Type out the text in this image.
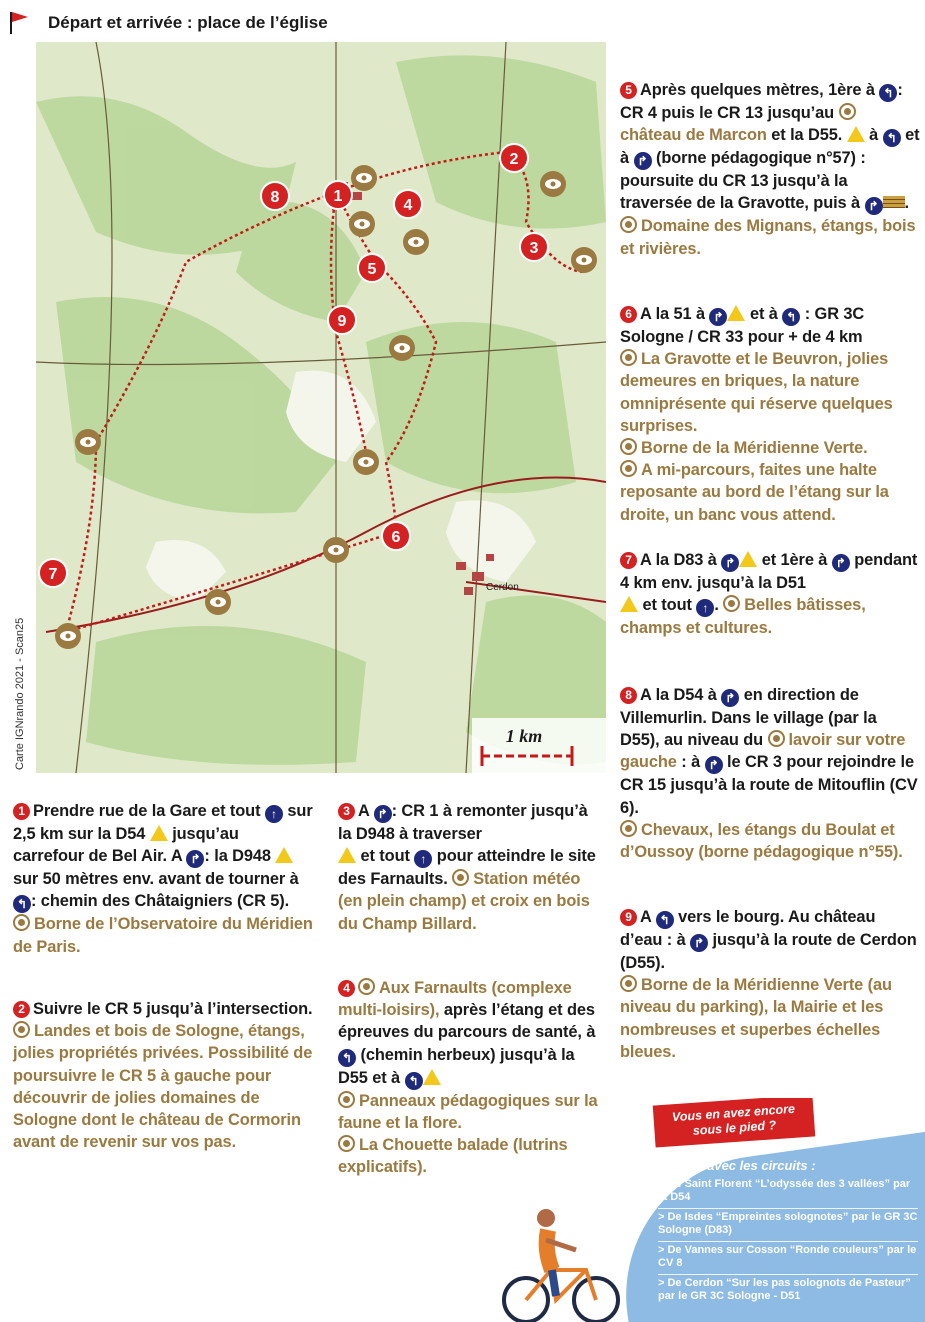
Départ et arrivée : place de l’église
Cerdon
1
2
3
4
5
6
7
8
9
1 km
Carte IGNrando 2021 - Scan25
1 Prendre rue de la Gare et tout ↑ sur 2,5 km sur la D54 jusqu’au carrefour de Bel Air. A ↱ : la D948  sur 50 mètres env. avant de tourner à ↰ : chemin des Châtaigniers (CR 5).
Borne de l’Observatoire du Méridien de Paris.
2 Suivre le CR 5 jusqu’à l’intersection. Landes et bois de Sologne, étangs, jolies propriétés privées. Possibilité de poursuivre le CR 5 à gauche pour découvrir de jolies domaines de Sologne dont le château de Cormorin avant de revenir sur vos pas.
3 A ↱ : CR 1 à remonter jusqu’à la D948 à traverser
et tout ↑ pour atteindre le site des Farnaults. Station météo (en plein champ) et croix en bois du Champ Billard.
4 Aux Farnaults (complexe multi-loisirs), après l’étang et des épreuves du parcours de santé, à ↰ (chemin herbeux) jusqu’à la D55 et à ↰
Panneaux pédagogiques sur la faune et la flore.
La Chouette balade (lutrins explicatifs).
5 Après quelques mètres, 1ère à ↰ : CR 4 puis le CR 13 jusqu’au château de Marcon et la D55. à ↰ et à ↱ (borne pédagogique n°57) : poursuite du CR 13 jusqu’à la traversée de la Gravotte, puis à ↱ .
Domaine des Mignans, étangs, bois et rivières.
6 A la 51 à ↱ et à ↰ : GR 3C Sologne / CR 33 pour + de 4 km
La Gravotte et le Beuvron, jolies demeures en briques, la nature omniprésente qui réserve quelques surprises.
Borne de la Méridienne Verte.
A mi-parcours, faites une halte reposante au bord de l’étang sur la droite, un banc vous attend.
7 A la D83 à ↱ et 1ère à ↱ pendant 4 km env. jusqu’à la D51
et tout ↑ . Belles bâtisses, champs et cultures.
8 A la D54 à ↱ en direction de Villemurlin. Dans le village (par la D55), au niveau du lavoir sur votre gauche : à ↱ le CR 3 pour rejoindre le CR 15 jusqu’à la route de Mitouflin (CV 6).
Chevaux, les étangs du Boulat et d’Oussoy (borne pédagogique n°55).
9 A ↰ vers le bourg. Au château d’eau : à ↱ jusqu’à la route de Cerdon (D55).
Borne de la Méridienne Verte (au niveau du parking), la Mairie et les nombreuses et superbes échelles bleues.
Vous en avez encore sous le pied ?
Liaison avec les circuits :
> De Saint Florent “L’odyssée des 3 vallées” par la D54
> De Isdes “Empreintes solognotes” par le GR 3C Sologne (D83)
> De Vannes sur Cosson “Ronde couleurs” par le CV 8
> De Cerdon “Sur les pas solognots de Pasteur” par le GR 3C Sologne - D51
